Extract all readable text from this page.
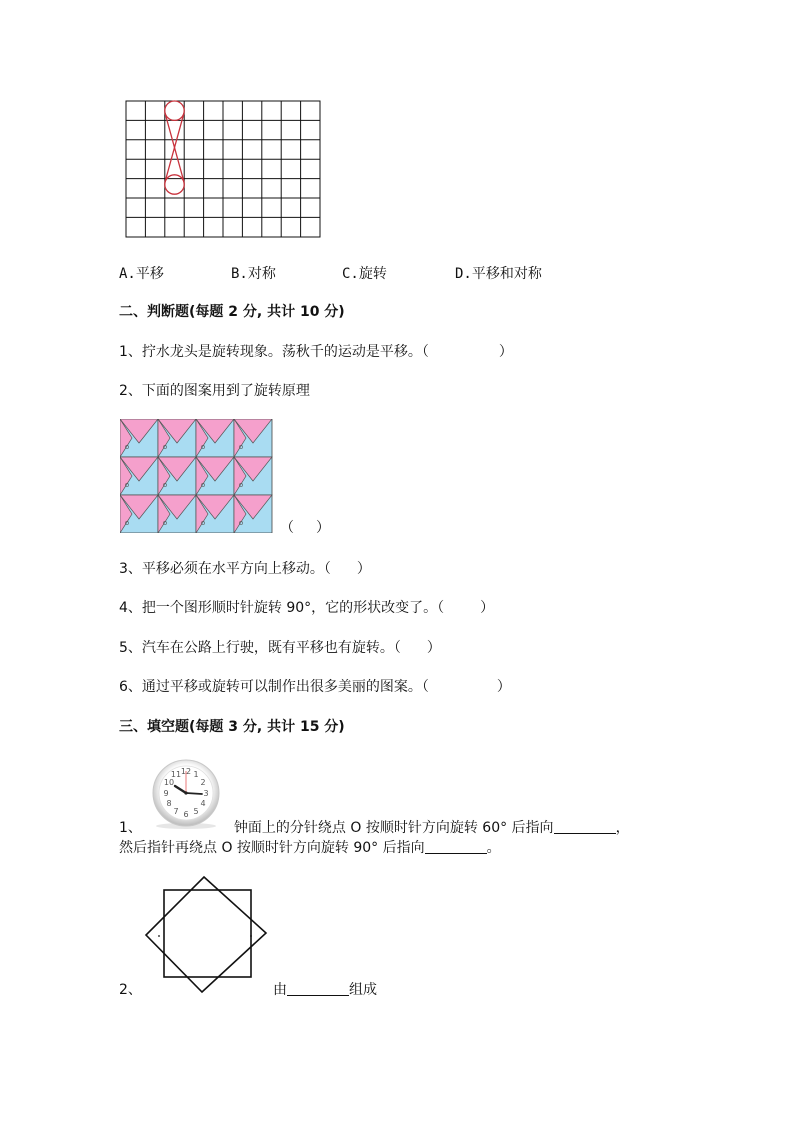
A.平移	B.对称	C.旋转	D.平移和对称
二、判断题(每题 2 分, 共计 10 分)
1、拧水龙头是旋转现象。荡秋千的运动是平移。（	）
2、下面的图案用到了旋转原理
（ ）
3、平移必须在水平方向上移动。（ ）
4、把一个图形顺时针旋转 90°，它的形状改变了。（	）
5、汽车在公路上行驶，既有平移也有旋转。（ ）
6、通过平移或旋转可以制作出很多美丽的图案。（	）
三、填空题(每题 3 分, 共计 15 分)
12 1
2
3
4
5
6
7
8
9
10
11
1、	钟面上的分针绕点 O 按顺时针方向旋转 60° 后指向	，
然后指针再绕点 O 按顺时针方向旋转 90° 后指向	。
2、	由	组成
